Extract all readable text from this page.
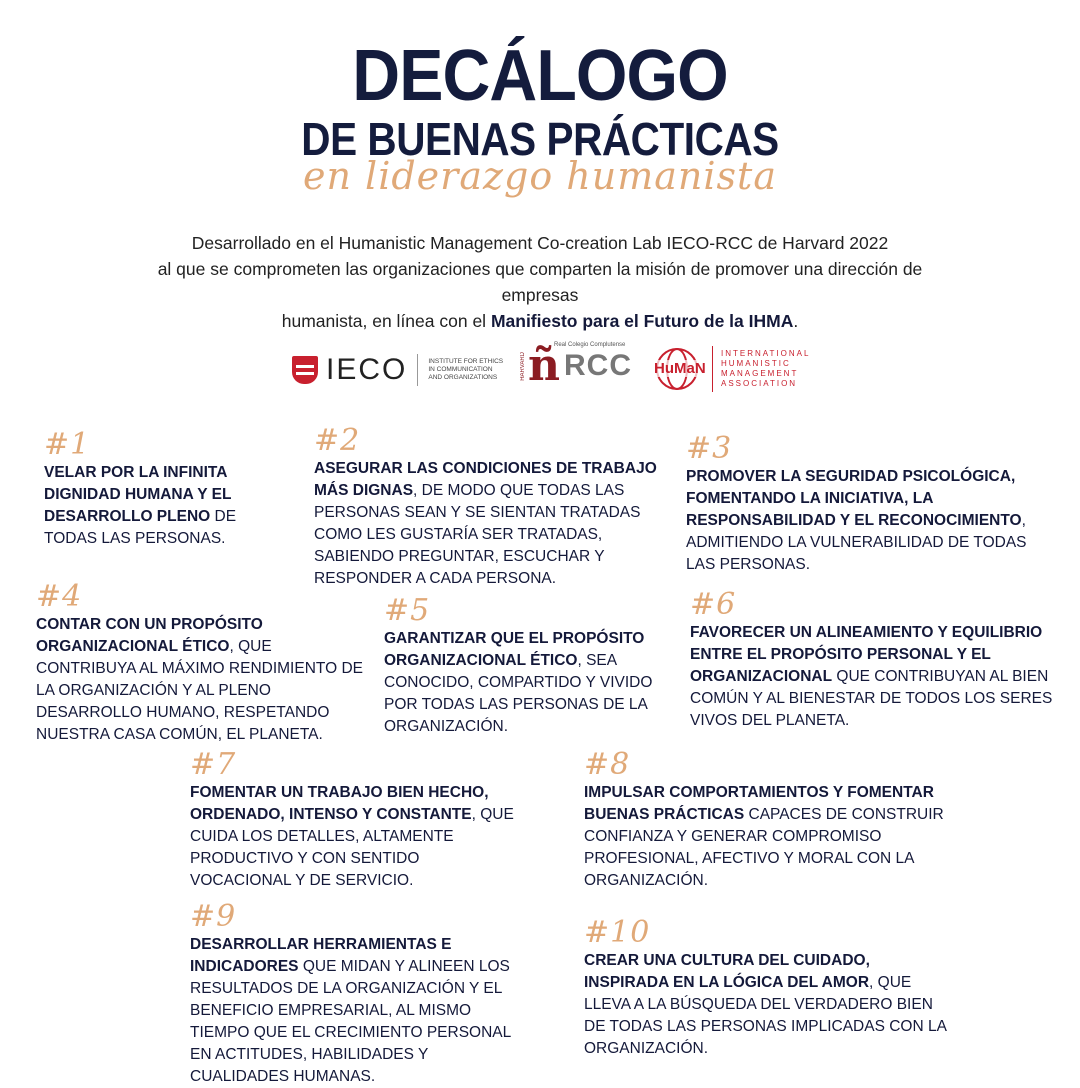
DECÁLOGO
DE BUENAS PRÁCTICAS
en liderazgo humanista
Desarrollado en el Humanistic Management Co-creation Lab IECO-RCC de Harvard 2022
al que se comprometen las organizaciones que comparten la misión de promover una dirección de empresas
humanista, en línea con el Manifiesto para el Futuro de la IHMA.
IECO	INSTITUTE FOR ETHICS
IN COMMUNICATION
AND ORGANIZATIONS	HARVARD ñ RCC
Real Colegio Complutense
HuMaN
INTERNATIONAL
HUMANISTIC
MANAGEMENT
ASSOCIATION
#1
VELAR POR LA INFINITA DIGNIDAD HUMANA Y EL DESARROLLO PLENO DE TODAS LAS PERSONAS.
#2
ASEGURAR LAS CONDICIONES DE TRABAJO MÁS DIGNAS, DE MODO QUE TODAS LAS PERSONAS SEAN Y SE SIENTAN TRATADAS COMO LES GUSTARÍA SER TRATADAS, SABIENDO PREGUNTAR, ESCUCHAR Y RESPONDER A CADA PERSONA.
#3
PROMOVER LA SEGURIDAD PSICOLÓGICA, FOMENTANDO LA INICIATIVA, LA RESPONSABILIDAD Y EL RECONOCIMIENTO, ADMITIENDO LA VULNERABILIDAD DE TODAS LAS PERSONAS.
#4
CONTAR CON UN PROPÓSITO ORGANIZACIONAL ÉTICO, QUE CONTRIBUYA AL MÁXIMO RENDIMIENTO DE LA ORGANIZACIÓN Y AL PLENO DESARROLLO HUMANO, RESPETANDO NUESTRA CASA COMÚN, EL PLANETA.
#5
GARANTIZAR QUE EL PROPÓSITO ORGANIZACIONAL ÉTICO, SEA CONOCIDO, COMPARTIDO Y VIVIDO POR TODAS LAS PERSONAS DE LA ORGANIZACIÓN.
#6
FAVORECER UN ALINEAMIENTO Y EQUILIBRIO ENTRE EL PROPÓSITO PERSONAL Y EL ORGANIZACIONAL QUE CONTRIBUYAN AL BIEN COMÚN Y AL BIENESTAR DE TODOS LOS SERES VIVOS DEL PLANETA.
#7
FOMENTAR UN TRABAJO BIEN HECHO, ORDENADO, INTENSO Y CONSTANTE, QUE CUIDA LOS DETALLES, ALTAMENTE PRODUCTIVO Y CON SENTIDO VOCACIONAL Y DE SERVICIO.
#8
IMPULSAR COMPORTAMIENTOS Y FOMENTAR BUENAS PRÁCTICAS CAPACES DE CONSTRUIR CONFIANZA Y GENERAR COMPROMISO PROFESIONAL, AFECTIVO Y MORAL CON LA ORGANIZACIÓN.
#9
DESARROLLAR HERRAMIENTAS E INDICADORES QUE MIDAN Y ALINEEN LOS RESULTADOS DE LA ORGANIZACIÓN Y EL BENEFICIO EMPRESARIAL, AL MISMO TIEMPO QUE EL CRECIMIENTO PERSONAL EN ACTITUDES, HABILIDADES Y CUALIDADES HUMANAS.
#10
CREAR UNA CULTURA DEL CUIDADO, INSPIRADA EN LA LÓGICA DEL AMOR, QUE LLEVA A LA BÚSQUEDA DEL VERDADERO BIEN DE TODAS LAS PERSONAS IMPLICADAS CON LA ORGANIZACIÓN.
